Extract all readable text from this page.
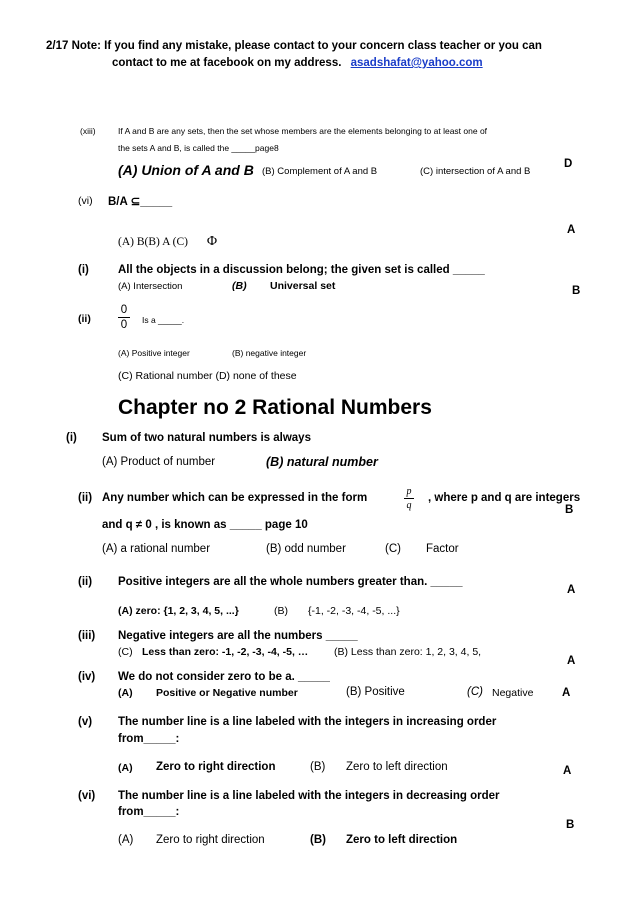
2/17 Note: If you find any mistake, please contact to your concern class teacher or you can
contact to me at facebook on my address. asadshafat@yahoo.com
(xiii)	If A and B are any sets, then the set whose members are the elements belonging to at least one of
the sets A and B, is called the _____page8
(A) Union of A and B (B) Complement of A and B	(C) intersection of A and B
D
(vi) B/A ⊆_____
(A) B(B) A (C) Φ
A
(i)	All the objects in a discussion belong; the given set is called _____
(A) Intersection	(B) Universal set	B
(ii)
0
0	Is a _____.
(A) Positive integer	(B) negative integer
(C) Rational number (D) none of these
Chapter no 2 Rational Numbers
(i) Sum of two natural numbers is always
(A) Product of number	(B) natural number
(ii) Any number which can be expressed in the form
p
q
, where p and q are integers
and q ≠ 0 , is known as _____ page 10
B
(A) a rational number	(B) odd number	(C) Factor
(ii) Positive integers are all the whole numbers greater than. _____
(A) zero: {1, 2, 3, 4, 5, ...}	(B) {-1, -2, -3, -4, -5, ...}
A
(iii) Negative integers are all the numbers _____
(C) Less than zero: -1, -2, -3, -4, -5, … (B) Less than zero: 1, 2, 3, 4, 5,
A
(iv) We do not consider zero to be a. _____
(A) Positive or Negative number	(B) Positive	(C) Negative A
(v) The number line is a line labeled with the integers in increasing order
from_____:
(A) Zero to right direction	(B) Zero to left direction	A
(vi) The number line is a line labeled with the integers in decreasing order
from_____:
(A) Zero to right direction	(B) Zero to left direction
B
